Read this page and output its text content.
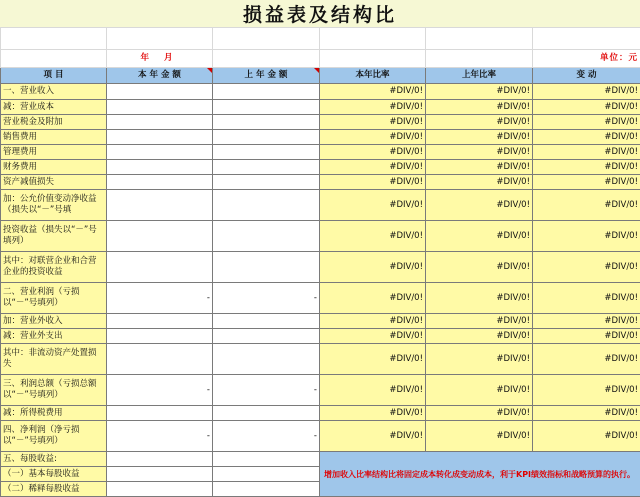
损益表及结构比

	年 月				单位：元
项 目	本 年 金 额	上 年 金 额	本年比率	上年比率	变 动
一、营业收入			#DIV/0!	#DIV/0!	#DIV/0!
减：营业成本			#DIV/0!	#DIV/0!	#DIV/0!
营业税金及附加			#DIV/0!	#DIV/0!	#DIV/0!
销售费用			#DIV/0!	#DIV/0!	#DIV/0!
管理费用			#DIV/0!	#DIV/0!	#DIV/0!
财务费用			#DIV/0!	#DIV/0!	#DIV/0!
资产减值损失			#DIV/0!	#DIV/0!	#DIV/0!
加：公允价值变动净收益（损失以“－”号填			#DIV/0!	#DIV/0!	#DIV/0!
投资收益（损失以“－”号填列）			#DIV/0!	#DIV/0!	#DIV/0!
其中：对联营企业和合营企业的投资收益			#DIV/0!	#DIV/0!	#DIV/0!
二、营业利润（亏损以“－”号填列）	-	-	#DIV/0!	#DIV/0!	#DIV/0!
加：营业外收入			#DIV/0!	#DIV/0!	#DIV/0!
减：营业外支出			#DIV/0!	#DIV/0!	#DIV/0!
其中：非流动资产处置损失			#DIV/0!	#DIV/0!	#DIV/0!
三、利润总额（亏损总额以“－”号填列）	-	-	#DIV/0!	#DIV/0!	#DIV/0!
减：所得税费用			#DIV/0!	#DIV/0!	#DIV/0!
四、净利润（净亏损以“－”号填列）	-	-	#DIV/0!	#DIV/0!	#DIV/0!
五、每股收益:			增加收入比率结构比将固定成本转化成变动成本，利于KPI绩效指标和战略预算的执行。		
（一）基本每股收益					
（二）稀释每股收益					
